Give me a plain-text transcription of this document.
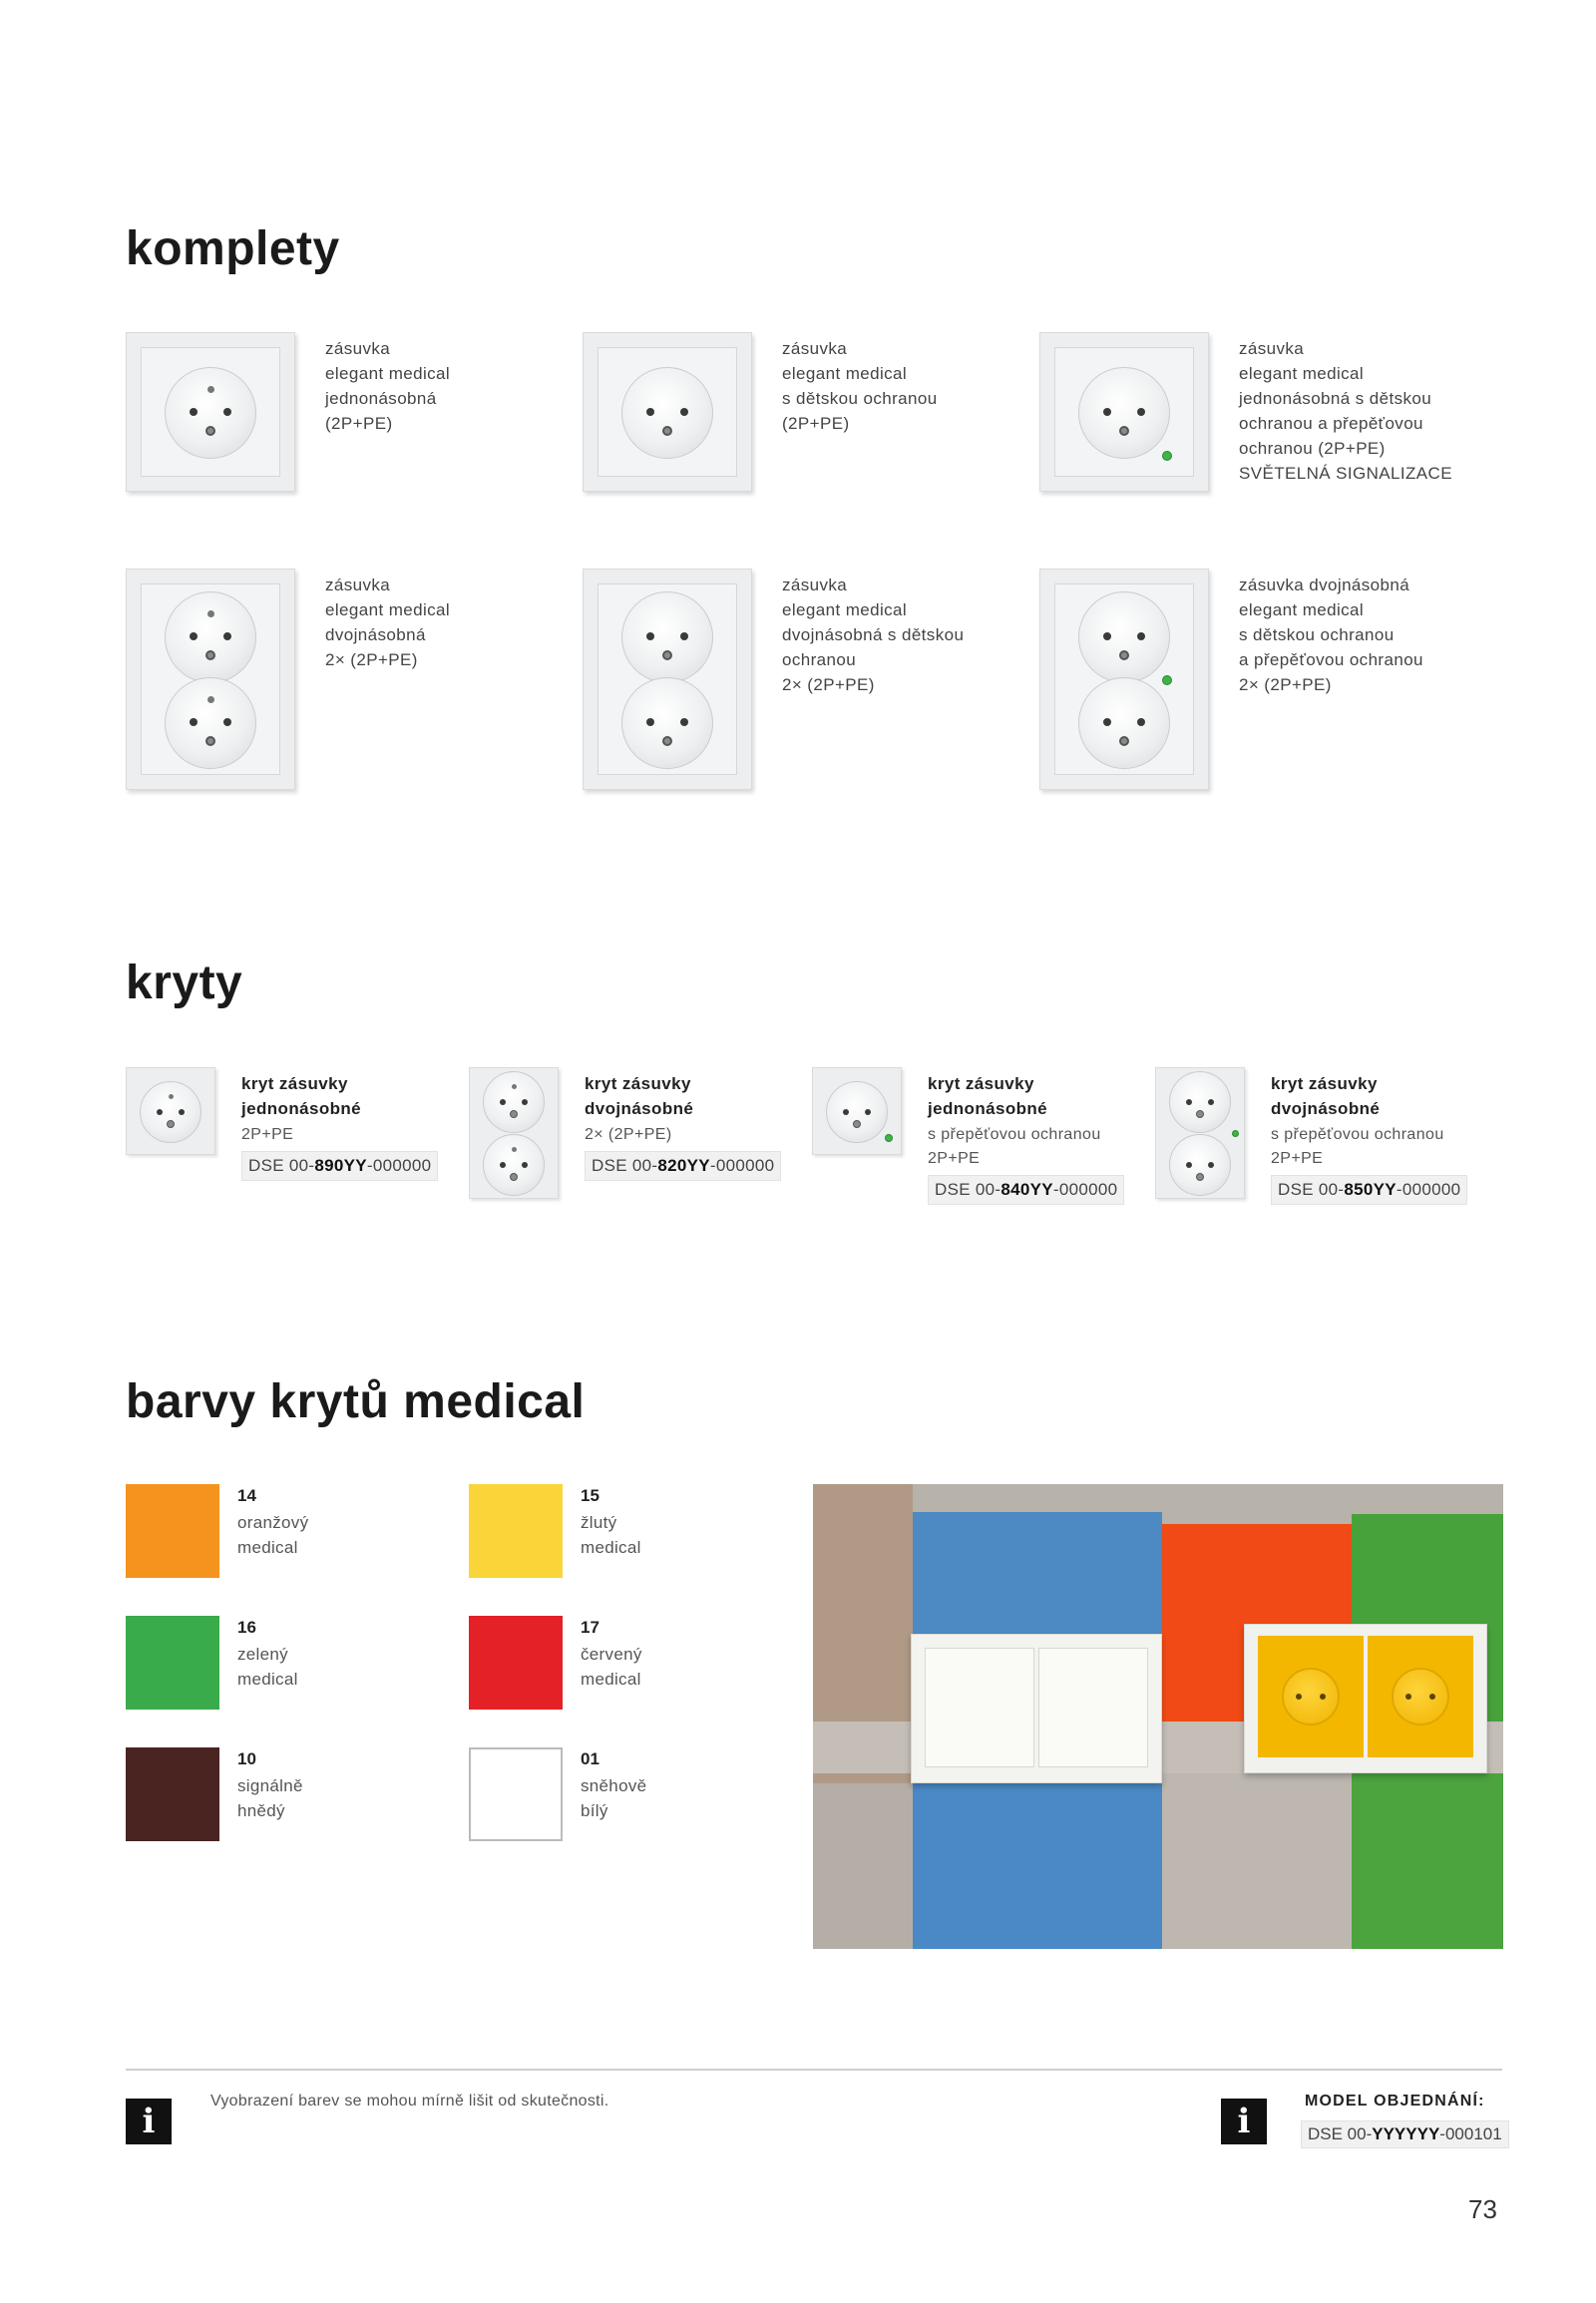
komplety
zásuvka
elegant medical
jednonásobná
(2P+PE)
zásuvka
elegant medical
s dětskou ochranou
(2P+PE)
zásuvka
elegant medical
jednonásobná s dětskou
ochranou a přepěťovou
ochranou (2P+PE)
SVĚTELNÁ SIGNALIZACE
zásuvka
elegant medical
dvojnásobná
2× (2P+PE)
zásuvka
elegant medical
dvojnásobná s dětskou
ochranou
2× (2P+PE)
zásuvka dvojnásobná
elegant medical
s dětskou ochranou
a přepěťovou ochranou
2× (2P+PE)
kryty
kryt zásuvky
jednonásobné
2P+PE
DSE 00-890YY-000000
kryt zásuvky
dvojnásobné
2× (2P+PE)
DSE 00-820YY-000000
kryt zásuvky
jednonásobné
s přepěťovou ochranou
2P+PE
DSE 00-840YY-000000
kryt zásuvky
dvojnásobné
s přepěťovou ochranou
2P+PE
DSE 00-850YY-000000
barvy krytů medical
14
oranžový
medical
15
žlutý
medical
16
zelený
medical
17
červený
medical
10
signálně
hnědý
01
sněhově
bílý
i
Vyobrazení barev se mohou mírně lišit od skutečnosti.
i
MODEL OBJEDNÁNÍ:
DSE 00-YYYYYY-000101
73
